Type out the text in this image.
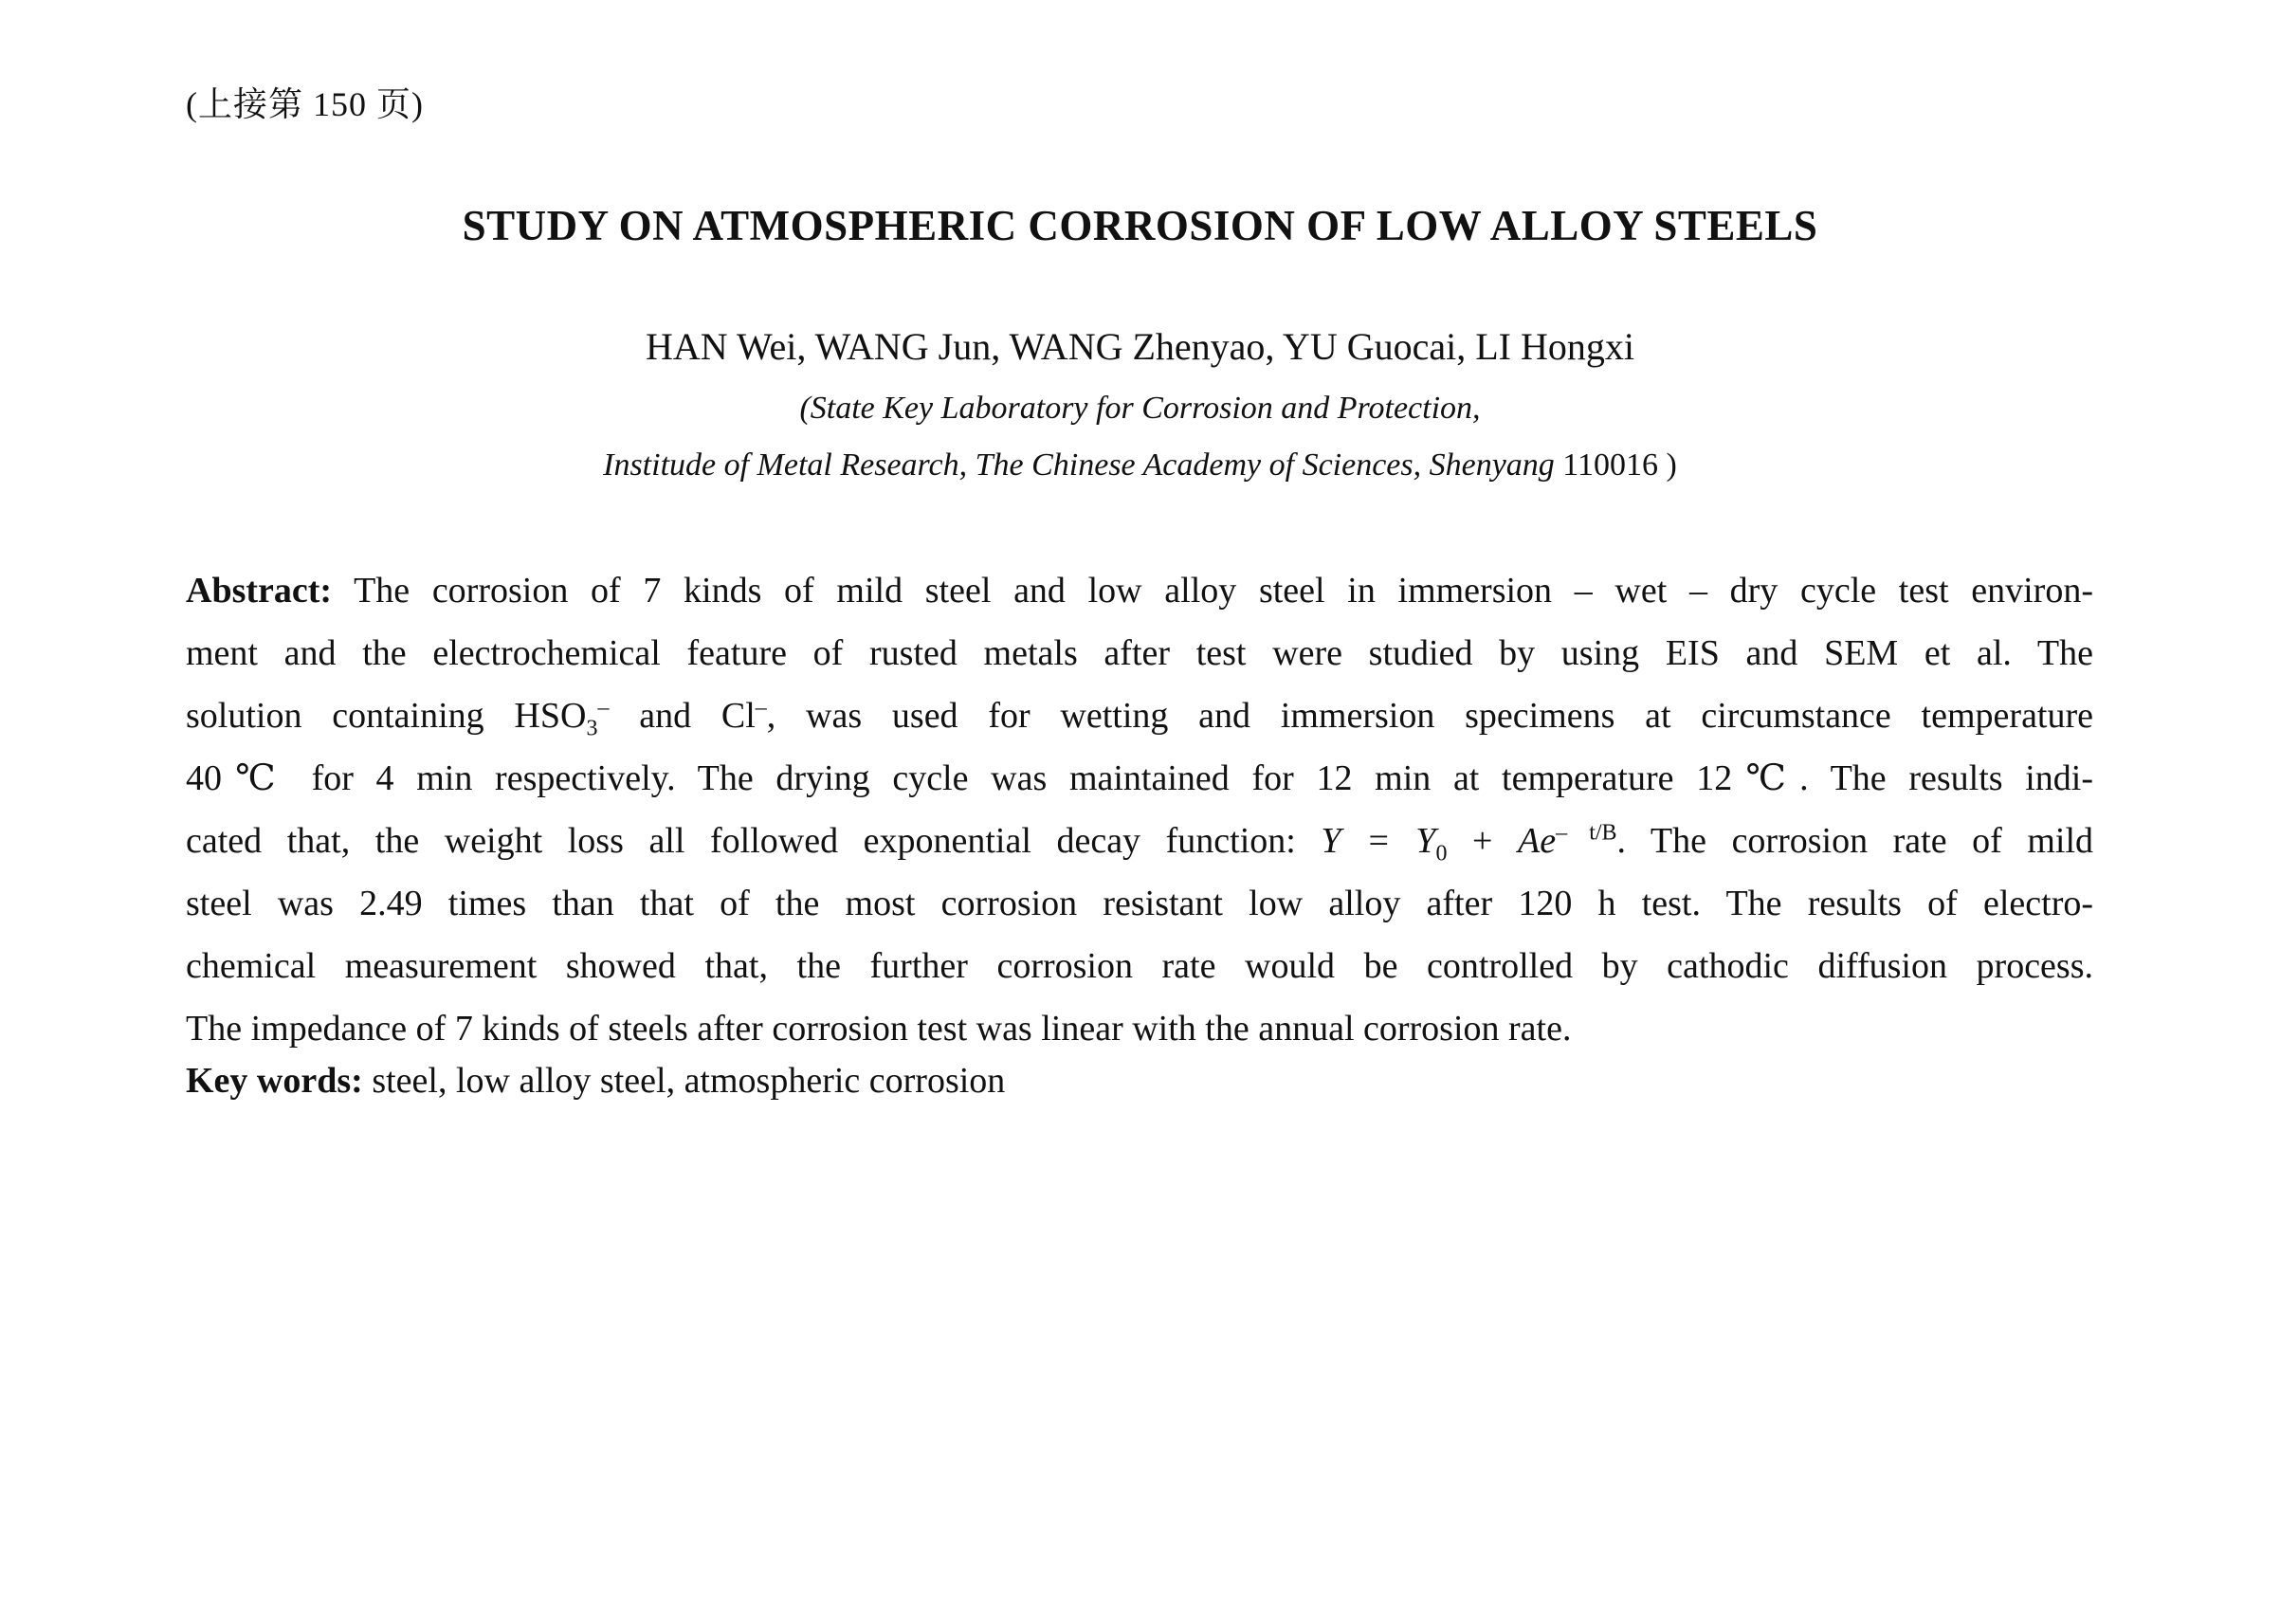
(上接第 150 页)
STUDY ON ATMOSPHERIC CORROSION OF LOW ALLOY STEELS
HAN Wei, WANG Jun, WANG Zhenyao, YU Guocai, LI Hongxi
(State Key Laboratory for Corrosion and Protection,
Institude of Metal Research, The Chinese Academy of Sciences, Shenyang 110016 )
Abstract: The corrosion of 7 kinds of mild steel and low alloy steel in immersion – wet – dry cycle test environ-
ment and the electrochemical feature of rusted metals after test were studied by using EIS and SEM et al. The
solution containing $HSO_3^-$ and Cl–, was used for wetting and immersion specimens at circumstance temperature
40℃ for 4 min respectively. The drying cycle was maintained for 12 min at temperature 12℃. The results indi-
cated that, the weight loss all followed exponential decay function: $Y = Y_0 + Ae^{- t/B}$. The corrosion rate of mild
steel was 2.49 times than that of the most corrosion resistant low alloy after 120 h test. The results of electro-
chemical measurement showed that, the further corrosion rate would be controlled by cathodic diffusion process.
The impedance of 7 kinds of steels after corrosion test was linear with the annual corrosion rate.
Key words: steel, low alloy steel, atmospheric corrosion
